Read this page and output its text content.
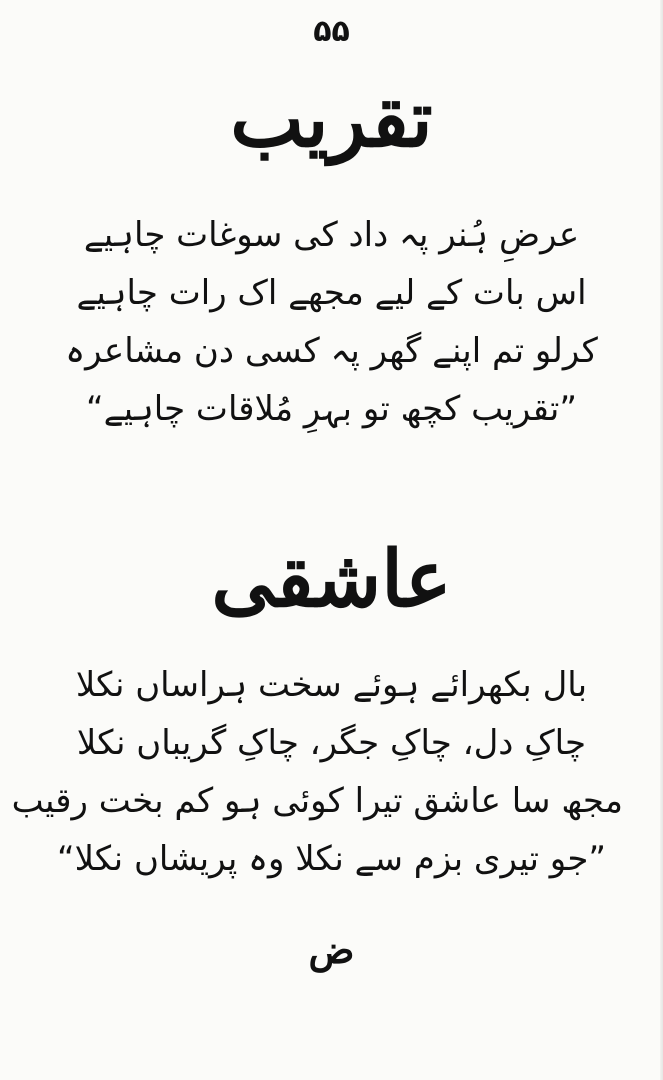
۵۵
تقریب

عرضِ ہُنر پہ داد کی سوغات چاہیے

اس بات کے لیے مجھے اک رات چاہیے

کرلو تم اپنے گھر پہ کسی دن مشاعرہ

”تقریب کچھ تو بہرِ مُلاقات چاہیے“

عاشقی

بال بکھرائے ہوئے سخت ہراساں نکلا

چاکِ دل، چاکِ جگر، چاکِ گریباں نکلا

مجھ سا عاشق تیرا کوئی ہو کم بخت رقیب

”جو تیری بزم سے نکلا وہ پریشاں نکلا“

ض
